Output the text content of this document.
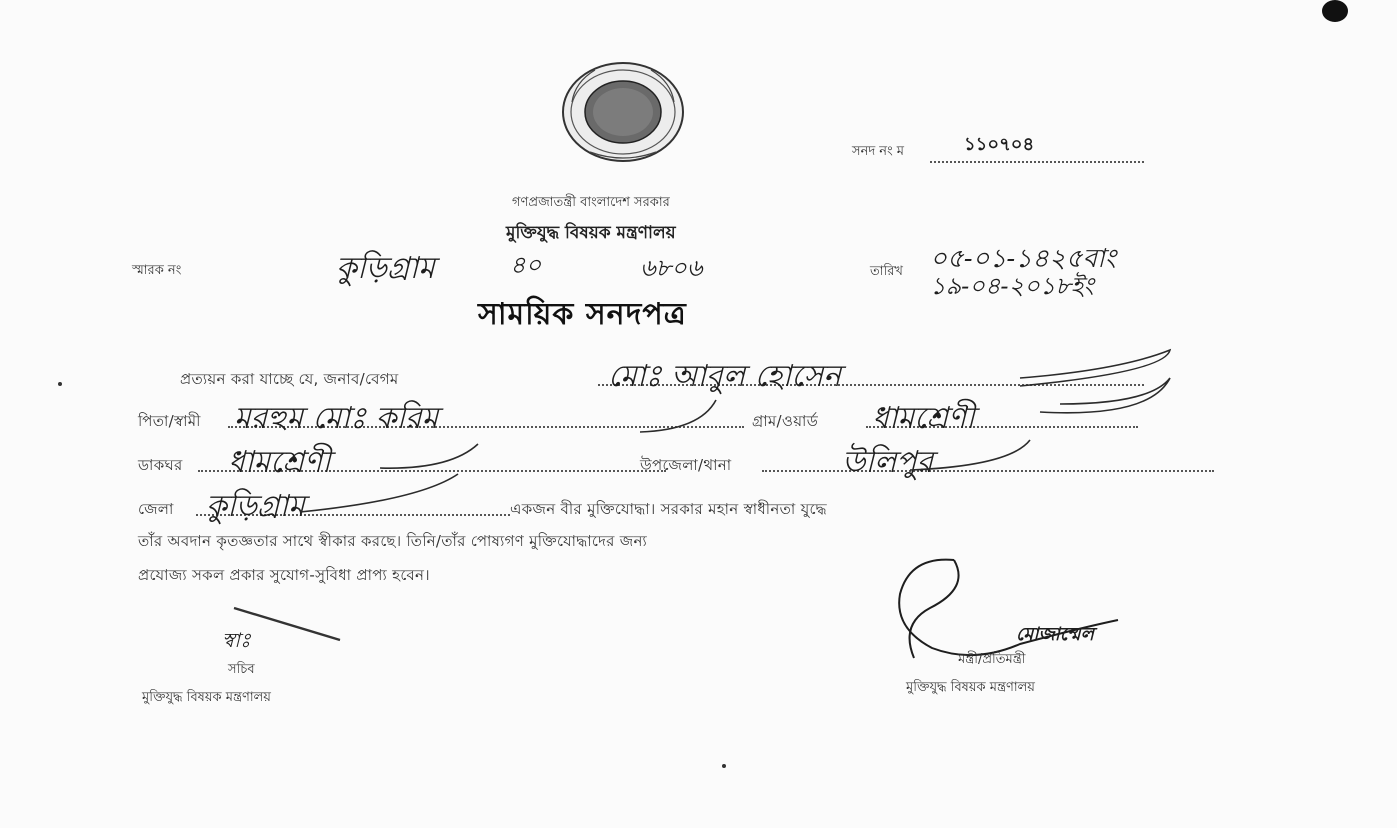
সনদ নং ম	১১০৭০৪
গণপ্রজাতন্ত্রী বাংলাদেশ সরকার
মুক্তিযুদ্ধ বিষয়ক মন্ত্রণালয়
স্মারক নং	কুড়িগ্রাম	৪০	৬৮০৬	তারিখ ০৫-০১-১৪২৫বাং
১৯-০৪-২০১৮ইং
সাময়িক সনদপত্র
প্রত্যয়ন করা যাচ্ছে যে, জনাব/বেগম	মোঃ আবুল হোসেন
পিতা/স্বামী মরহুম মোঃ করিম	গ্রাম/ওয়ার্ড ধামশ্রেণী
ডাকঘর	ধামশ্রেণী	উপজেলা/থানা	উলিপুর
জেলা	কুড়িগ্রাম	একজন বীর মুক্তিযোদ্ধা। সরকার মহান স্বাধীনতা যুদ্ধে
তাঁর অবদান কৃতজ্ঞতার সাথে স্বীকার করছে। তিনি/তাঁর পোষ্যগণ মুক্তিযোদ্ধাদের জন্য
প্রযোজ্য সকল প্রকার সুযোগ-সুবিধা প্রাপ্য হবেন।
স্বাঃ
সচিব
মুক্তিযুদ্ধ বিষয়ক মন্ত্রণালয়
মোজাম্মেল
মন্ত্রী/প্রতিমন্ত্রী
মুক্তিযুদ্ধ বিষয়ক মন্ত্রণালয়
